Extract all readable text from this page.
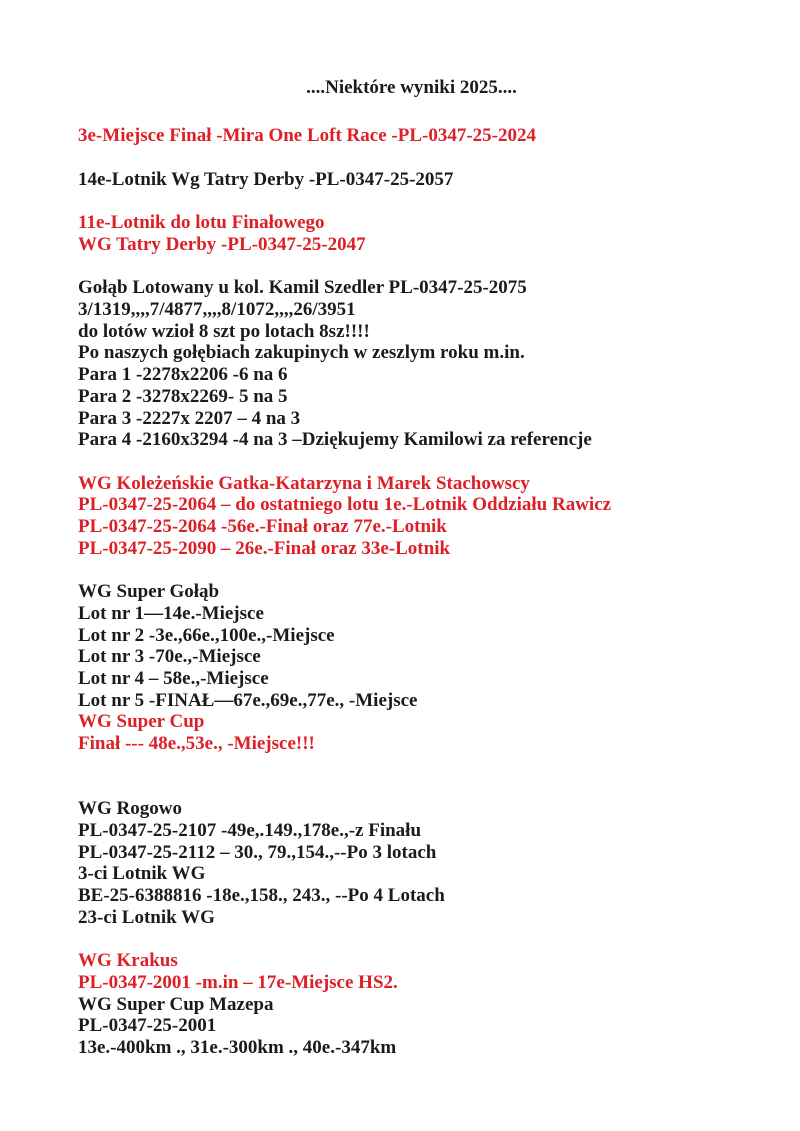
....Niektóre wyniki 2025....

3e-Miejsce Finał -Mira One Loft Race -PL-0347-25-2024

14e-Lotnik Wg Tatry Derby -PL-0347-25-2057

11e-Lotnik do lotu Finałowego
WG Tatry Derby -PL-0347-25-2047

Gołąb Lotowany u kol. Kamil Szedler PL-0347-25-2075
3/1319,,,,7/4877,,,,8/1072,,,,26/3951
do lotów wzioł 8 szt po lotach 8sz!!!!
Po naszych gołębiach zakupinych w zeszlym roku m.in.
Para 1 -2278x2206 -6 na 6
Para 2 -3278x2269- 5 na 5
Para 3 -2227x 2207 – 4 na 3
Para 4 -2160x3294 -4 na 3 –Dziękujemy Kamilowi za referencje

WG Koleżeńskie Gatka-Katarzyna i Marek Stachowscy
PL-0347-25-2064 – do ostatniego lotu 1e.-Lotnik Oddziału Rawicz
PL-0347-25-2064 -56e.-Finał oraz 77e.-Lotnik
PL-0347-25-2090 – 26e.-Finał oraz 33e-Lotnik

WG Super Gołąb
Lot nr 1—14e.-Miejsce
Lot nr 2 -3e.,66e.,100e.,-Miejsce
Lot nr 3 -70e.,-Miejsce
Lot nr 4 – 58e.,-Miejsce
Lot nr 5 -FINAŁ—67e.,69e.,77e., -Miejsce
WG Super Cup
Finał --- 48e.,53e., -Miejsce!!!

WG Rogowo
PL-0347-25-2107 -49e,.149.,178e.,-z Finału
PL-0347-25-2112 – 30., 79.,154.,--Po 3 lotach
3-ci Lotnik WG
BE-25-6388816 -18e.,158., 243., --Po 4 Lotach
23-ci Lotnik WG

WG Krakus
PL-0347-2001 -m.in – 17e-Miejsce HS2.
WG Super Cup Mazepa
PL-0347-25-2001
13e.-400km ., 31e.-300km ., 40e.-347km
